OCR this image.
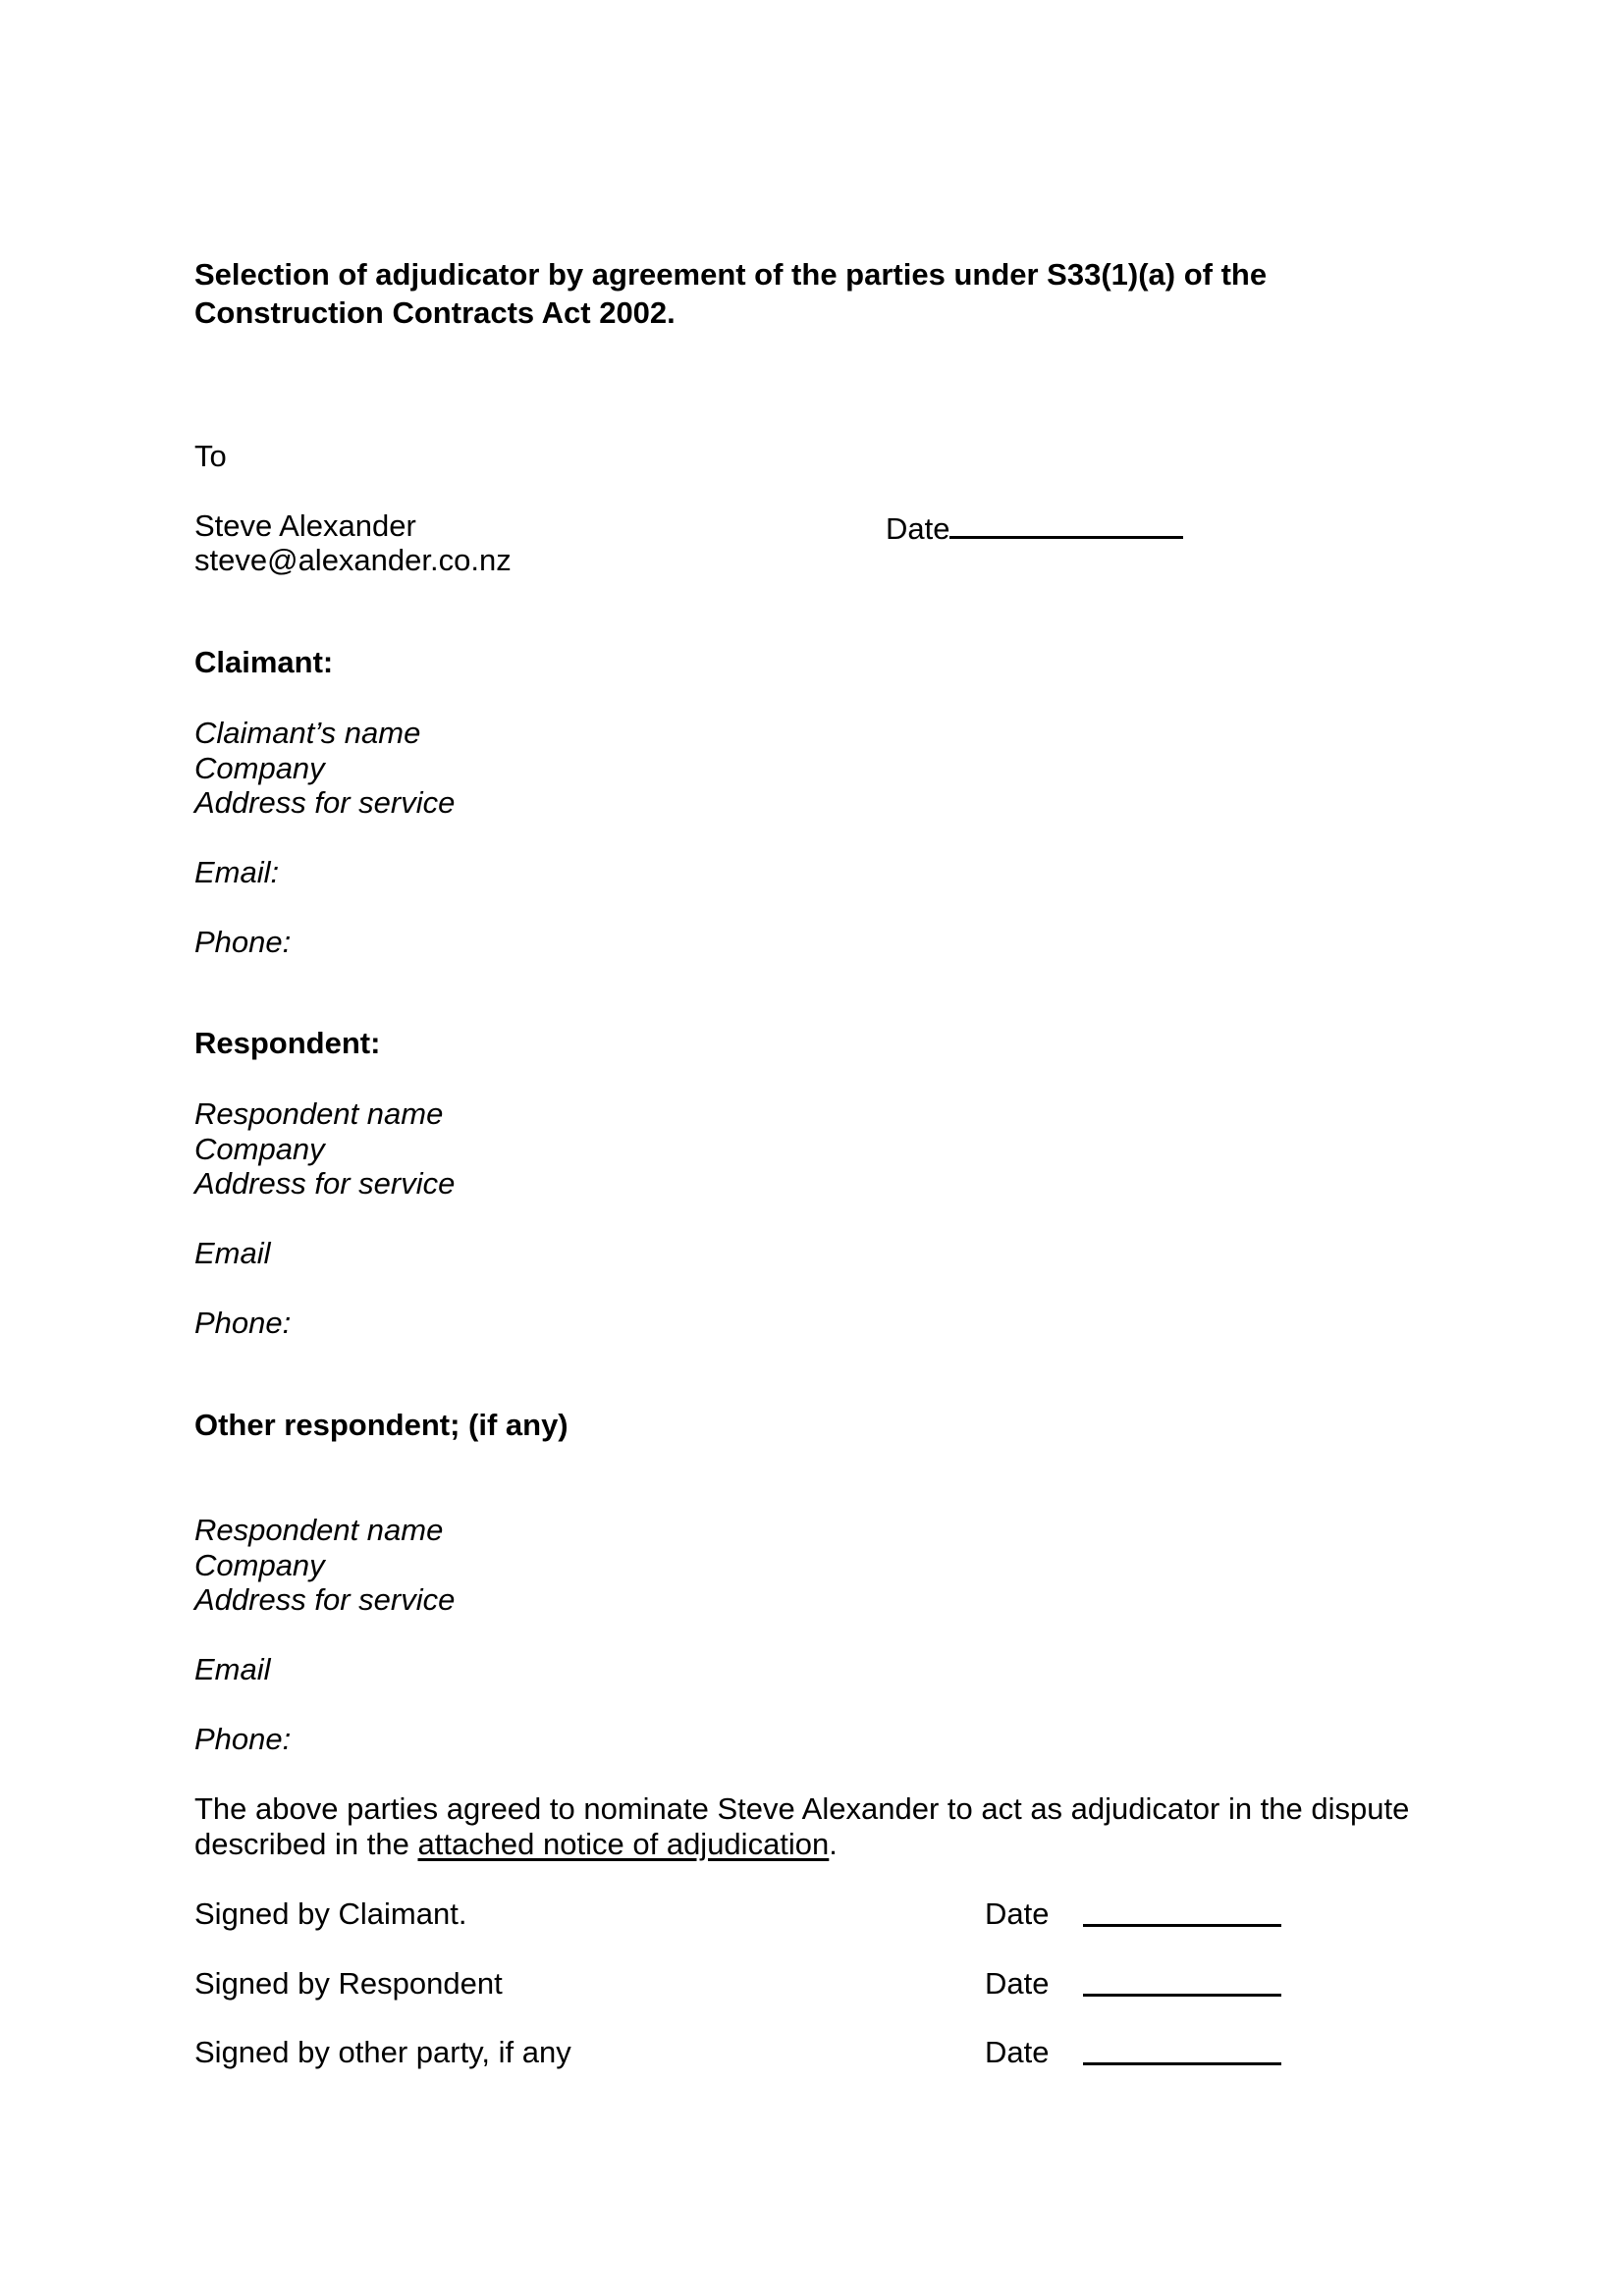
Selection of adjudicator by agreement of the parties under S33(1)(a) of the
Construction Contracts Act 2002.
To
Steve Alexander
steve@alexander.co.nz
Date
Claimant:
Claimant’s name
Company
Address for service
Email:
Phone:
Respondent:
Respondent name
Company
Address for service
Email
Phone:
Other respondent; (if any)
Respondent name
Company
Address for service
Email
Phone:
The above parties agreed to nominate Steve Alexander to act as adjudicator in the dispute
described in the attached notice of adjudication.
Signed by Claimant.	Date
Signed by Respondent	Date
Signed by other party, if any	Date
